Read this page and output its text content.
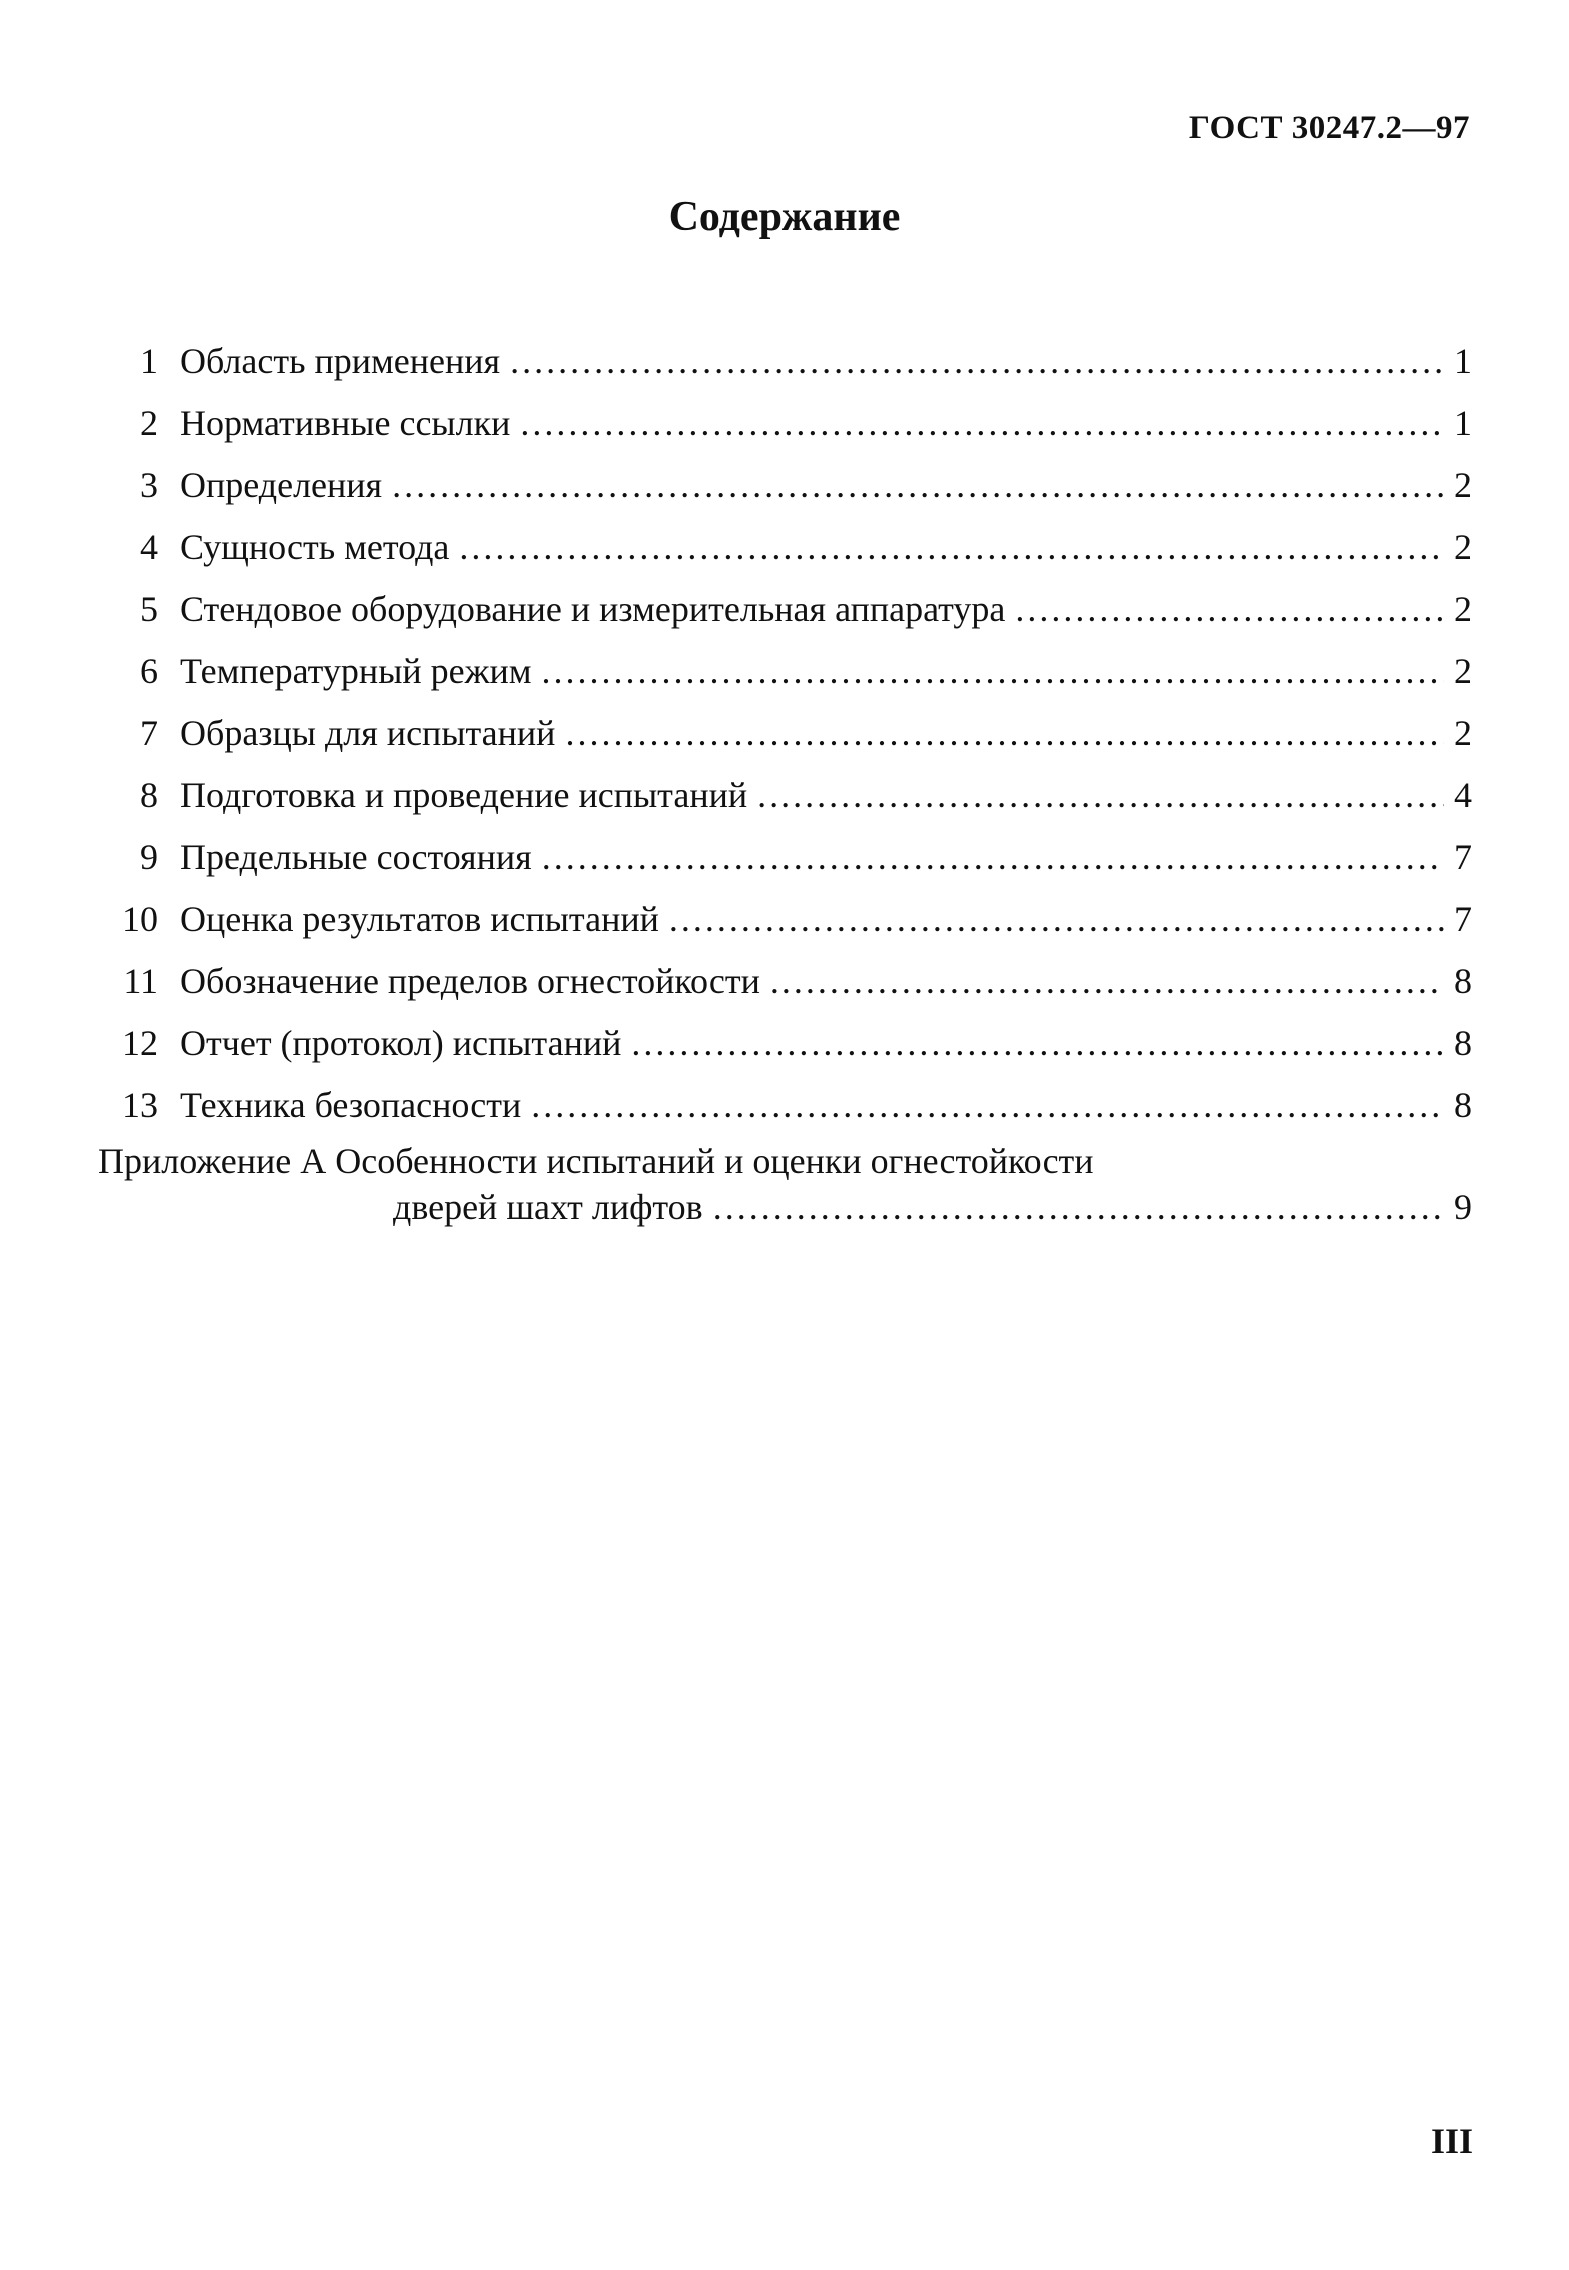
ГОСТ 30247.2—97
Содержание
1 Область применения .....	1
2 Нормативные ссылки .....	1
3 Определения .....	2
4 Сущность метода .....	2
5 Стендовое оборудование и измерительная аппаратура .....	2
6 Температурный режим .....	2
7 Образцы для испытаний .....	2
8 Подготовка и проведение испытаний .....	4
9 Предельные состояния .....	7
10 Оценка результатов испытаний .....	7
11 Обозначение пределов огнестойкости .....	8
12 Отчет (протокол) испытаний .....	8
13 Техника безопасности .....	8
Приложение А Особенности испытаний и оценки огнестойкости
дверей шахт лифтов .....	9
III
